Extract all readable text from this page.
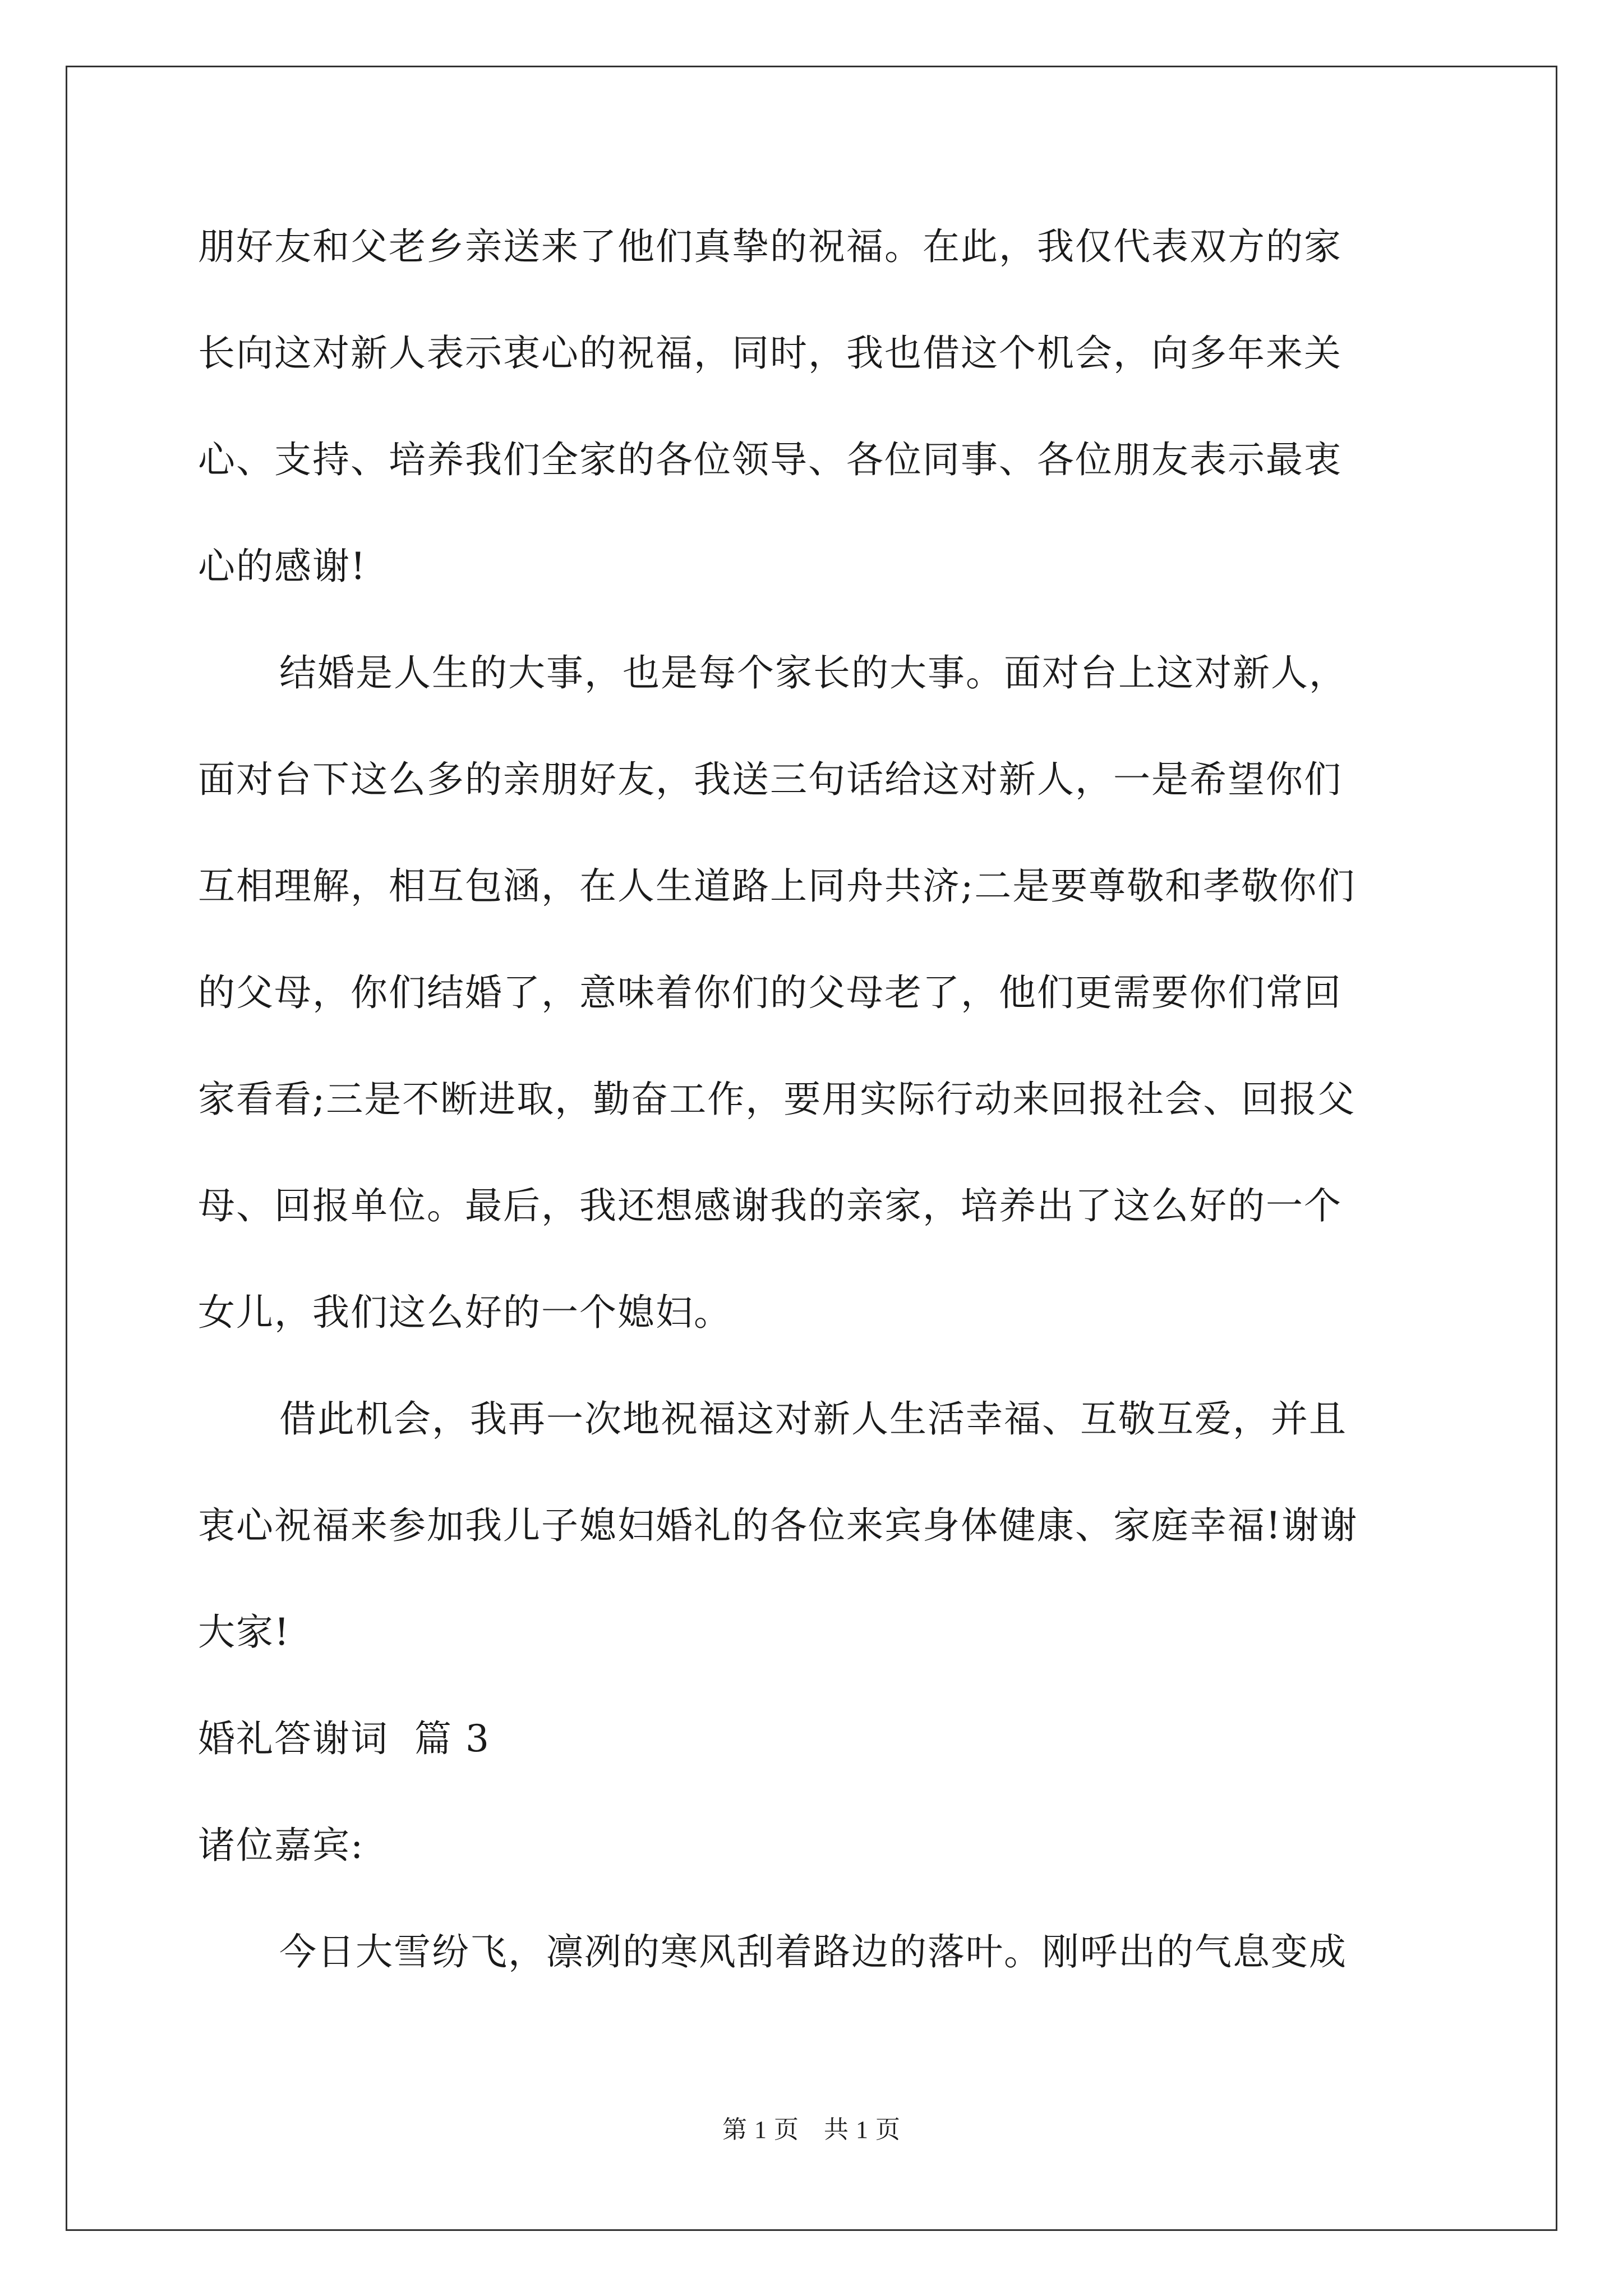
朋好友和父老乡亲送来了他们真挚的祝福。在此，我仅代表双方的家
长向这对新人表示衷心的祝福，同时，我也借这个机会，向多年来关
心、支持、培养我们全家的各位领导、各位同事、各位朋友表示最衷
心的感谢!
结婚是人生的大事，也是每个家长的大事。面对台上这对新人，
面对台下这么多的亲朋好友，我送三句话给这对新人，一是希望你们
互相理解，相互包涵，在人生道路上同舟共济;二是要尊敬和孝敬你们
的父母，你们结婚了，意味着你们的父母老了，他们更需要你们常回
家看看;三是不断进取，勤奋工作，要用实际行动来回报社会、回报父
母、回报单位。最后，我还想感谢我的亲家，培养出了这么好的一个
女儿，我们这么好的一个媳妇。
借此机会，我再一次地祝福这对新人生活幸福、互敬互爱，并且
衷心祝福来参加我儿子媳妇婚礼的各位来宾身体健康、家庭幸福!谢谢
大家!
婚礼答谢词  篇 3
诸位嘉宾:
今日大雪纷飞，凛冽的寒风刮着路边的落叶。刚呼出的气息变成
第 1 页 共 1 页
